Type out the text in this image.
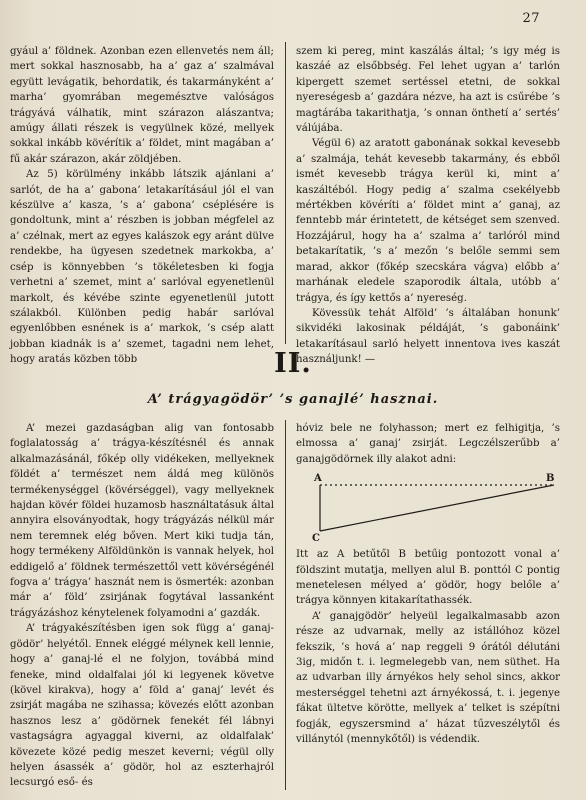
27

gyául a’ földnek. Azonban ezen ellenvetés nem áll; mert sokkal hasznosabb, ha a’ gaz a’ szalmával együtt levágatik, behordatik, és takarmányként a’ marha’ gyomrában megemésztve valóságos trágyává válhatik, mint szárazon alászantva; amúgy állati részek is vegyülnek közé, mellyek sokkal inkább kövérítik a’ földet, mint magában a’ fű akár szárazon, akár zöldjében.

Az 5) körülmény inkább látszik ajánlani a’ sarlót, de ha a’ gabona’ letakarításául jól el van készülve a’ kasza, ’s a’ gabona’ cséplésére is gondoltunk, mint a’ részben is jobban mégfelel az a’ czélnak, mert az egyes kalászok egy aránt dülve rendekbe, ha ügyesen szedetnek markokba, a’ csép is könnyebben ’s tökéletesben ki fogja verhetni a’ szemet, mint a’ sarlóval egyenetlenül markolt, és kévébe szinte egyenetlenül jutott szálakból. Különben pedig habár sarlóval egyenlőbben esnének is a’ markok, ’s csép alatt jobban kiadnák is a’ szemet, tagadni nem lehet, hogy aratás közben több

szem ki pereg, mint kaszálás által; ’s igy még is kaszáé az elsőbbség. Fel lehet ugyan a’ tarlón kipergett szemet sertéssel etetni, de sokkal nyereségesb a’ gazdára nézve, ha azt is csűrébe ’s magtárába takarithatja, ’s onnan önthetí a’ sertés’ válújába.

Végül 6) az aratott gabonának sokkal kevesebb a’ szalmája, tehát kevesebb takarmány, és ebből ismét kevesebb trágya kerül ki, mint a’ kaszáltéból. Hogy pedig a’ szalma csekélyebb mértékben kövéríti a’ földet mint a’ ganaj, az fenntebb már érintetett, de kétséget sem szenved. Hozzájárul, hogy ha a’ szalma a’ tarlóról mind betakarítatik, ’s a’ mezőn ’s belőle semmi sem marad, akkor (főkép szecskára vágva) előbb a’ marhának eledele szaporodik általa, utóbb a’ trágya, és így kettős a’ nyereség.

Kövessük tehát Alföld’ ’s általában honunk’ sikvidéki lakosinak példáját, ’s gabonáink’ letakarításaul sarló helyett innentova ives kaszát használjunk! —

II.
A’ trágyagödör’ ’s ganajlé’ hasznai.

A’ mezei gazdaságban alig van fontosabb foglalatosság a’ trágya-készítésnél és annak alkalmazásánál, főkép olly vidékeken, mellyeknek földét a’ természet nem áldá meg különös termékenységgel (kövérséggel), vagy mellyeknek hajdan kövér földei huzamosb használtatásuk által annyira elsoványodtak, hogy trágyázás nélkül már nem teremnek elég bőven. Mert kiki tudja tán, hogy termékeny Alföldünkön is vannak helyek, hol eddigelő a’ földnek természettől vett kövérségénél fogva a’ trágya’ hasznát nem is ösmerték: azonban már a’ föld’ zsirjának fogytával lassanként trágyázáshoz kénytelenek folyamodni a’ gazdák.

A’ trágyakészítésben igen sok függ a’ ganaj-gödör’ helyétől. Ennek eléggé mélynek kell lennie, hogy a’ ganaj-lé el ne folyjon, továbbá mind feneke, mind oldalfalai jól ki legyenek követve (kövel kirakva), hogy a’ föld a’ ganaj’ levét és zsirját magába ne szihassa; kövezés előtt azonban hasznos lesz a’ gödörnek fenekét fél lábnyi vastagságra agyaggal kiverni, az oldalfalak’ kövezete közé pedig meszet keverni; végül olly helyen ásassék a’ gödör, hol az eszterhajról lecsurgó eső- és

hóviz bele ne folyhasson; mert ez felhigitja, ’s elmossa a’ ganaj’ zsirját. Legczélszerűbb a’ ganajgödörnek illy alakot adni:

A	B
C

Itt az A betűtől B betűig pontozott vonal a’ földszint mutatja, mellyen alul B. ponttól C pontig menetelesen mélyed a’ gödör, hogy belőle a’ trágya könnyen kitakarítathassék.

A’ ganajgödör’ helyeül legalkalmasabb azon része az udvarnak, melly az istállóhoz közel fekszik, ’s hová a’ nap reggeli 9 órától délutáni 3ig, midőn t. i. legmelegebb van, nem süthet. Ha az udvarban illy árnyékos hely sehol sincs, akkor mesterséggel tehetni azt árnyékossá, t. i. jegenye fákat ültetve körötte, mellyek a’ telket is szépítni fogják, egyszersmind a’ házat tűzveszélytől és villánytól (mennykőtől) is védendik.
